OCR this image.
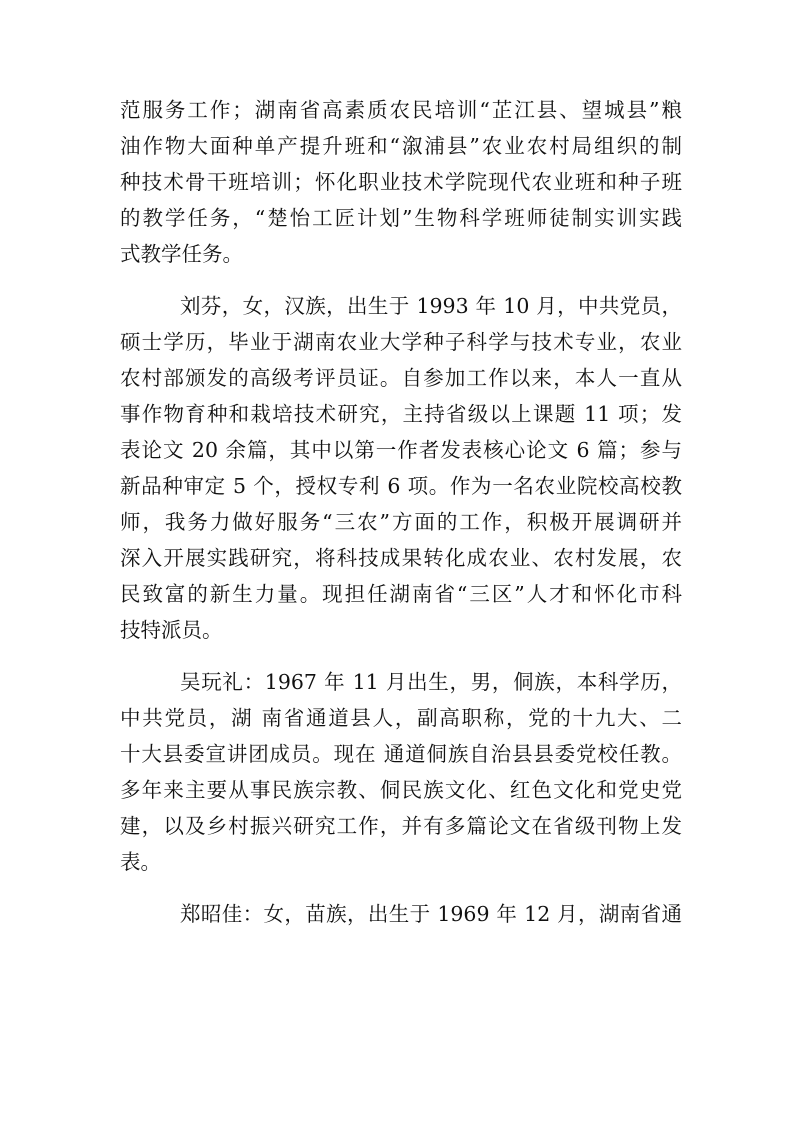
范服务工作；湖南省高素质农民培训“芷江县、望城县”粮
油作物大面种单产提升班和“溆浦县”农业农村局组织的制
种技术骨干班培训；怀化职业技术学院现代农业班和种子班
的教学任务，“楚怡工匠计划”生物科学班师徒制实训实践
式教学任务。
刘芬，女，汉族，出生于 1993 年 10 月，中共党员，
硕士学历，毕业于湖南农业大学种子科学与技术专业，农业
农村部颁发的高级考评员证。自参加工作以来，本人一直从
事作物育种和栽培技术研究，主持省级以上课题 11 项；发
表论文 20 余篇，其中以第一作者发表核心论文 6 篇；参与
新品种审定 5 个，授权专利 6 项。作为一名农业院校高校教
师，我务力做好服务“三农”方面的工作，积极开展调研并
深入开展实践研究，将科技成果转化成农业、农村发展，农
民致富的新生力量。现担任湖南省“三区”人才和怀化市科
技特派员。
吴玩礼：1967 年 11 月出生，男，侗族，本科学历，
中共党员，湖 南省通道县人，副高职称，党的十九大、二
十大县委宣讲团成员。现在 通道侗族自治县县委党校任教。
多年来主要从事民族宗教、侗民族文化、红色文化和党史党
建，以及乡村振兴研究工作，并有多篇论文在省级刊物上发
表。
郑昭佳：女，苗族，出生于 1969 年 12 月，湖南省通
